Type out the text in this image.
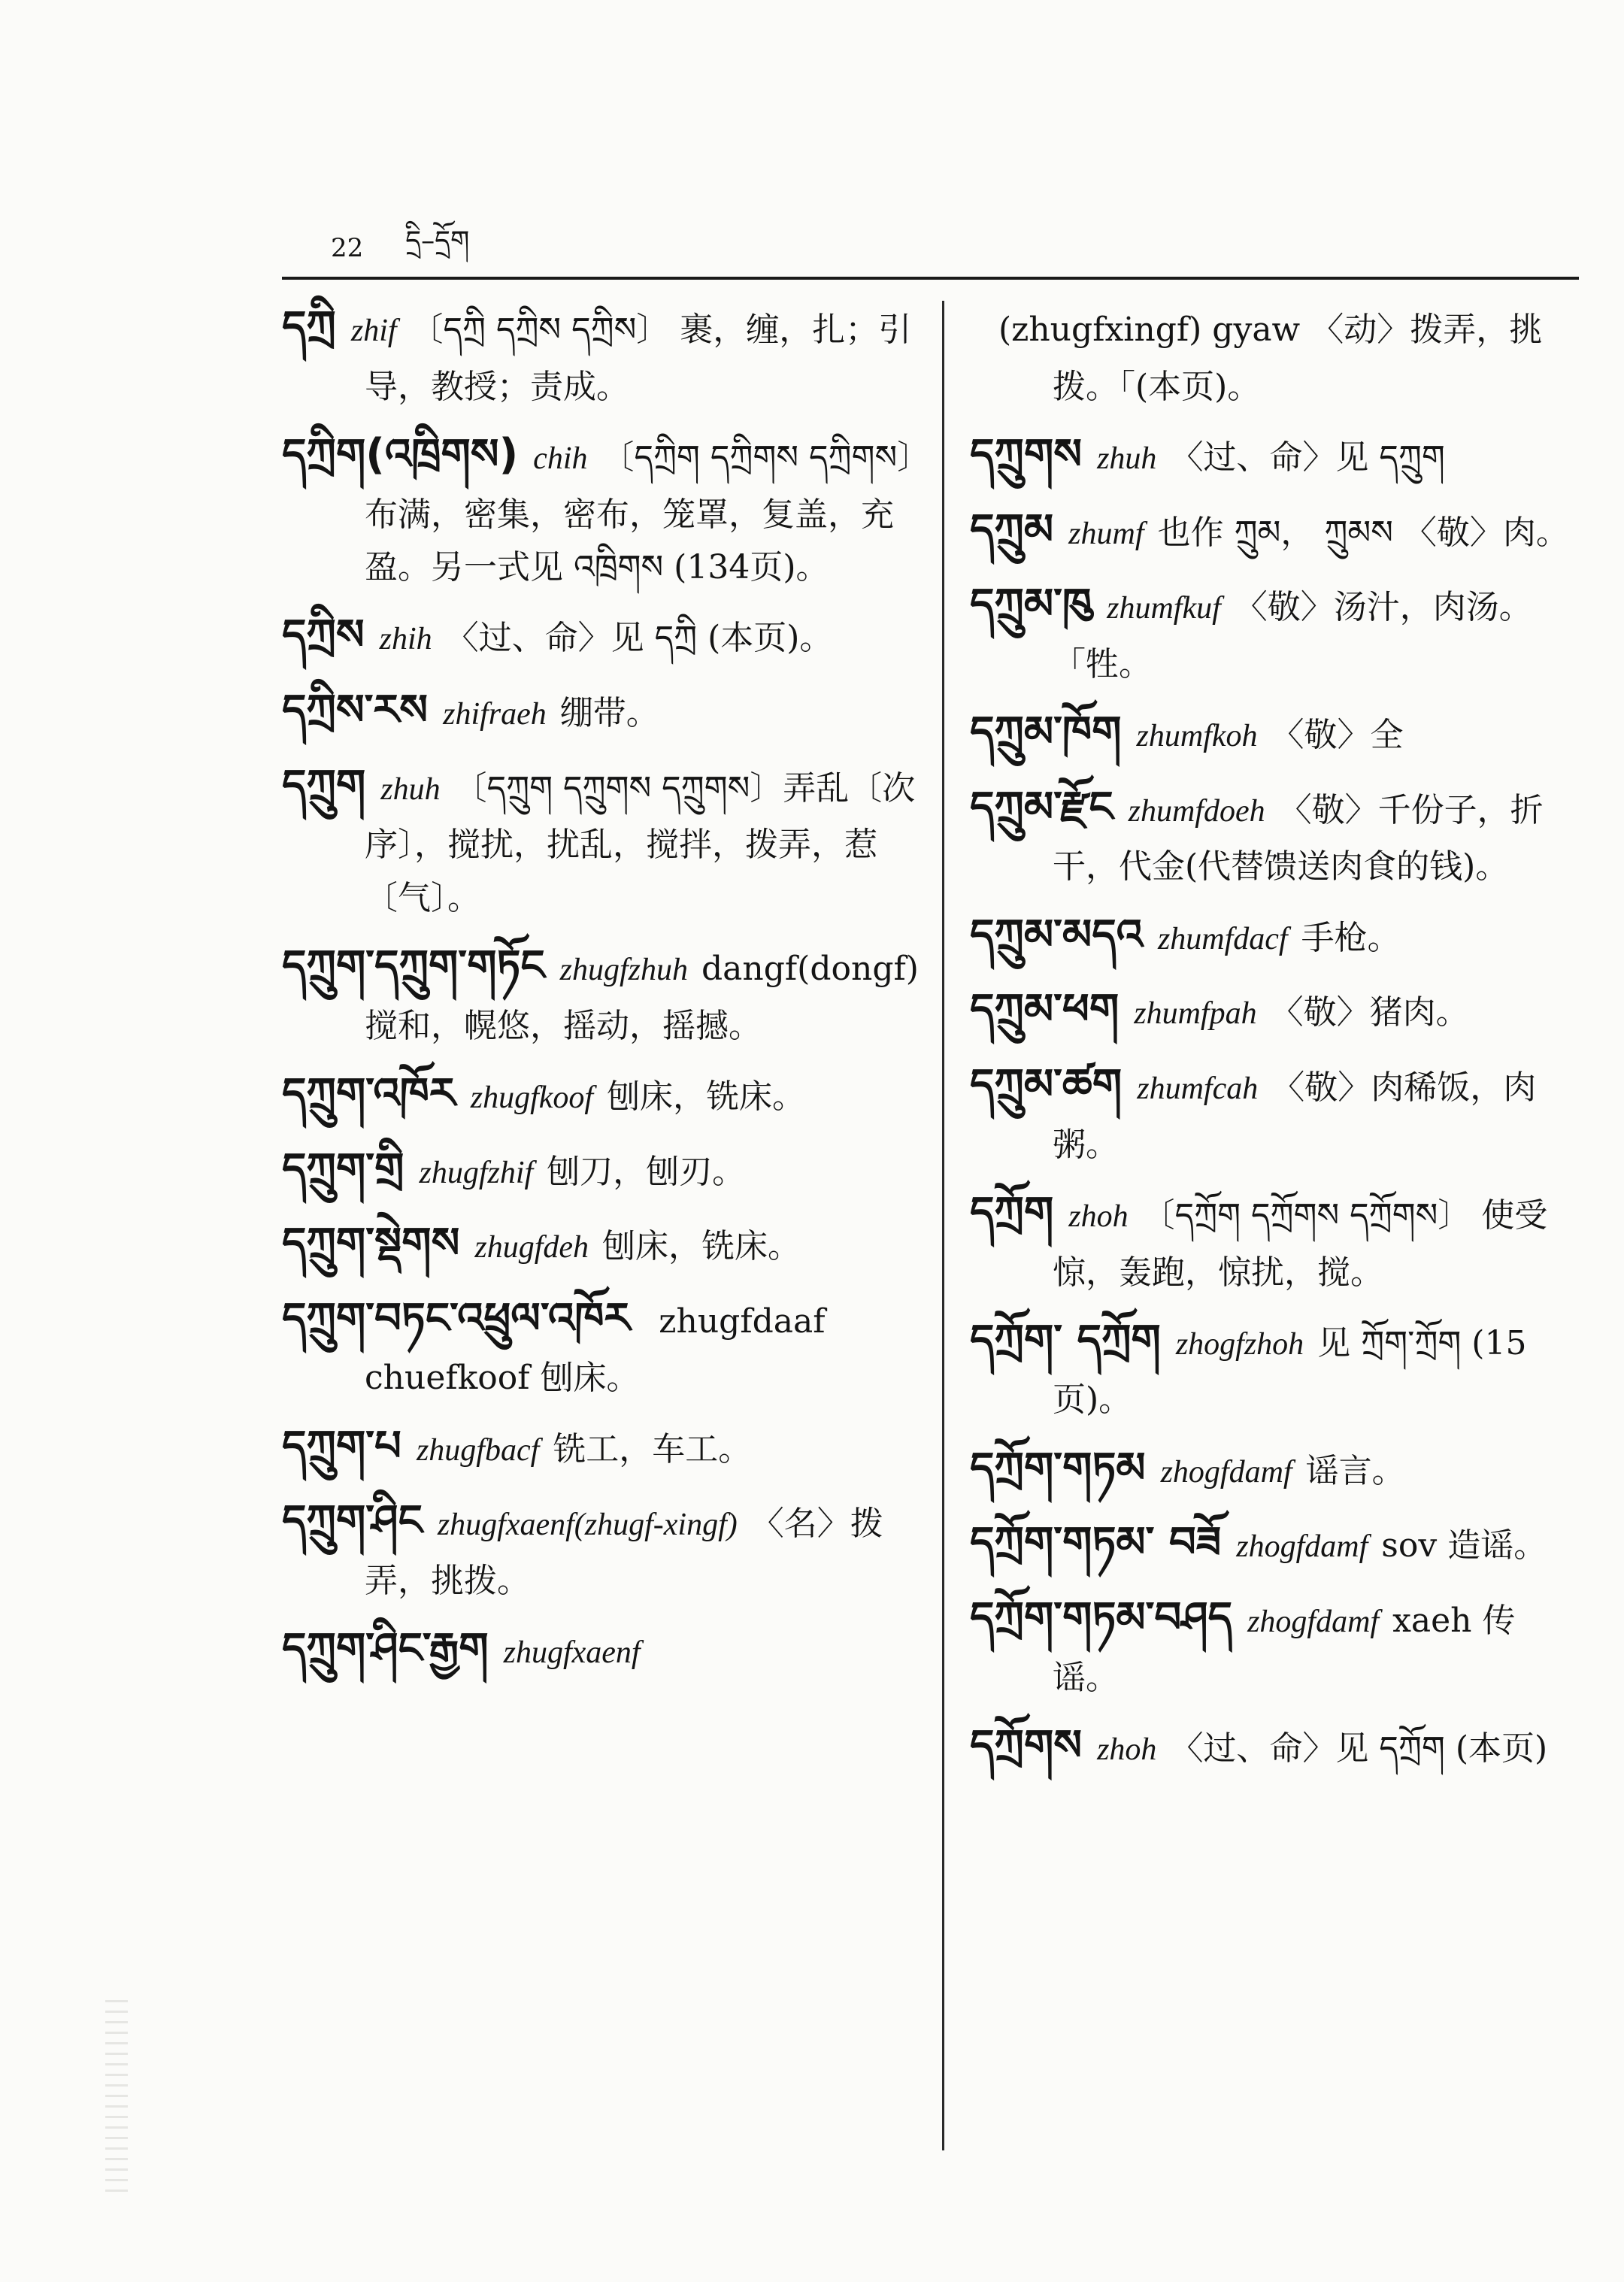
22 དྲི–དྲོག

དཀྲི zhif 〔དཀྲི དཀྲིས དཀྲིས〕 裹，缠，扎；引导，教授；责成。

དཀྲིག(འཁྲིགས) chih 〔དཀྲིག དཀྲིགས དཀྲིགས〕布满，密集，密布，笼罩，复盖，充盈。另一式见 འཁྲིགས (134页)。

དཀྲིས zhih 〈过、命〉见 དཀྲི (本页)。

དཀྲིས་རས zhifraeh 绷带。

དཀྲུག zhuh 〔དཀྲུག དཀྲུགས དཀྲུགས〕弄乱〔次序〕，搅扰，扰乱，搅拌，拨弄，惹〔气〕。

དཀྲུག་དཀྲུག་གཏོང zhugfzhuh dangf(dongf) 搅和，幌悠，摇动，摇撼。

དཀྲུག་འཁོར zhugfkoof 刨床，铣床。

དཀྲུག་གྲི zhugfzhif 刨刀，刨刃。

དཀྲུག་སྡེགས zhugfdeh 刨床，铣床。

དཀྲུག་བཏང་འཕྲུལ་འཁོར zhugfdaaf chuefkoof 刨床。

དཀྲུག་པ zhugfbacf 铣工，车工。

དཀྲུག་ཤིང zhugfxaenf(zhugf-xingf) 〈名〉拨弄，挑拨。

དཀྲུག་ཤིང་རྒྱག zhugfxaenf

(zhugfxingf) gyaw 〈动〉拨弄，挑拨。「(本页)。

དཀྲུགས zhuh 〈过、命〉见 དཀྲུག

དཀྲུམ zhumf 也作 ཀྲུམ， ཀྲུམས 〈敬〉肉。

དཀྲུམ་ཁུ zhumfkuf 〈敬〉汤汁，肉汤。 「牲。

དཀྲུམ་ཁོག zhumfkoh 〈敬〉全

དཀྲུམ་རྫོང zhumfdoeh 〈敬〉千份子，折干，代金(代替馈送肉食的钱)。

དཀྲུམ་མདའ zhumfdacf 手枪。

དཀྲུམ་ཕག zhumfpah 〈敬〉猪肉。

དཀྲུམ་ཚག zhumfcah 〈敬〉肉稀饭，肉粥。

དཀྲོག zhoh 〔དཀྲོག དཀྲོགས དཀྲོགས〕 使受惊，轰跑，惊扰，搅。

དཀྲོག་ དཀྲོག zhogfzhoh 见 ཀྲོག་ཀྲོག (15页)。

དཀྲོག་གཏམ zhogfdamf 谣言。

དཀྲོག་གཏམ་ བཟོ zhogfdamf sov 造谣。

དཀྲོག་གཏམ་བཤད zhogfdamf xaeh 传谣。

དཀྲོགས zhoh 〈过、命〉见 དཀྲོག (本页)
